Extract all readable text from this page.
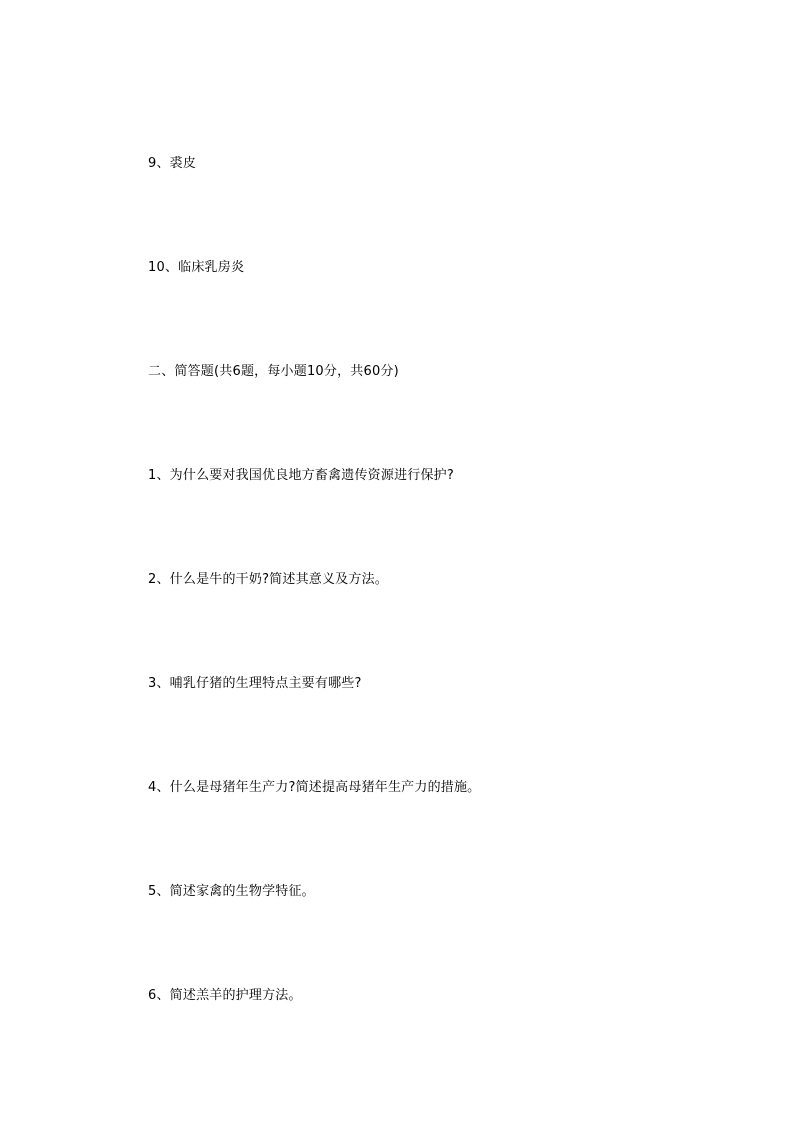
9、裘皮
10、临床乳房炎
二、简答题(共6题，每小题10分，共60分)
1、为什么要对我国优良地方畜禽遗传资源进行保护?
2、什么是牛的干奶?简述其意义及方法。
3、哺乳仔猪的生理特点主要有哪些?
4、什么是母猪年生产力?简述提高母猪年生产力的措施。
5、简述家禽的生物学特征。
6、简述羔羊的护理方法。
